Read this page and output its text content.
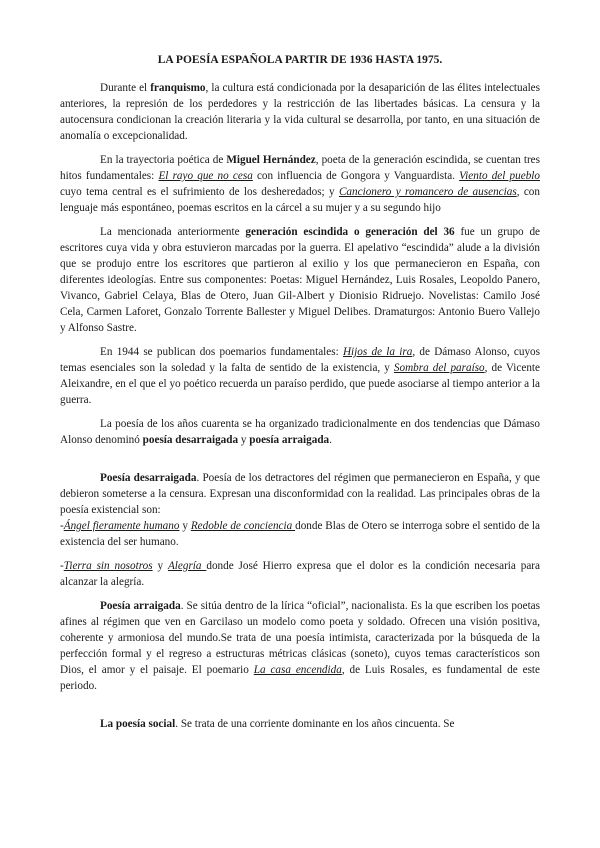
LA POESÍA ESPAÑOLA PARTIR DE 1936 HASTA 1975.

Durante el franquismo, la cultura está condicionada por la desaparición de las élites intelectuales anteriores, la represión de los perdedores y la restricción de las libertades básicas. La censura y la autocensura condicionan la creación literaria y la vida cultural se desarrolla, por tanto, en una situación de anomalía o excepcionalidad.

En la trayectoria poética de Miguel Hernández, poeta de la generación escindida, se cuentan tres hitos fundamentales: El rayo que no cesa con influencia de Gongora y Vanguardista. Viento del pueblo cuyo tema central es el sufrimiento de los desheredados; y Cancionero y romancero de ausencias, con lenguaje más espontáneo, poemas escritos en la cárcel a su mujer y a su segundo hijo

La mencionada anteriormente generación escindida o generación del 36 fue un grupo de escritores cuya vida y obra estuvieron marcadas por la guerra. El apelativo “escindida” alude a la división que se produjo entre los escritores que partieron al exilio y los que permanecieron en España, con diferentes ideologías. Entre sus componentes: Poetas: Miguel Hernández, Luis Rosales, Leopoldo Panero, Vivanco, Gabriel Celaya, Blas de Otero, Juan Gil-Albert y Dionisio Ridruejo. Novelistas: Camilo José Cela, Carmen Laforet, Gonzalo Torrente Ballester y Miguel Delibes. Dramaturgos: Antonio Buero Vallejo y Alfonso Sastre.

En 1944 se publican dos poemarios fundamentales: Hijos de la ira, de Dámaso Alonso, cuyos temas esenciales son la soledad y la falta de sentido de la existencia, y Sombra del paraíso, de Vicente Aleixandre, en el que el yo poético recuerda un paraíso perdido, que puede asociarse al tiempo anterior a la guerra.

La poesía de los años cuarenta se ha organizado tradicionalmente en dos tendencias que Dámaso Alonso denominó poesía desarraigada y poesía arraigada.

Poesía desarraigada. Poesía de los detractores del régimen que permanecieron en España, y que debieron someterse a la censura. Expresan una disconformidad con la realidad. Las principales obras de la poesía existencial son:

-Ángel fieramente humano y Redoble de conciencia donde Blas de Otero se interroga sobre el sentido de la existencia del ser humano.

-Tierra sin nosotros y Alegría donde José Hierro expresa que el dolor es la condición necesaria para alcanzar la alegría.

Poesía arraigada. Se sitúa dentro de la lírica “oficial”, nacionalista. Es la que escriben los poetas afines al régimen que ven en Garcilaso un modelo como poeta y soldado. Ofrecen una visión positiva, coherente y armoniosa del mundo.Se trata de una poesía intimista, caracterizada por la búsqueda de la perfección formal y el regreso a estructuras métricas clásicas (soneto), cuyos temas característicos son Dios, el amor y el paisaje. El poemario La casa encendida, de Luis Rosales, es fundamental de este periodo.

La poesía social. Se trata de una corriente dominante en los años cincuenta. Se
